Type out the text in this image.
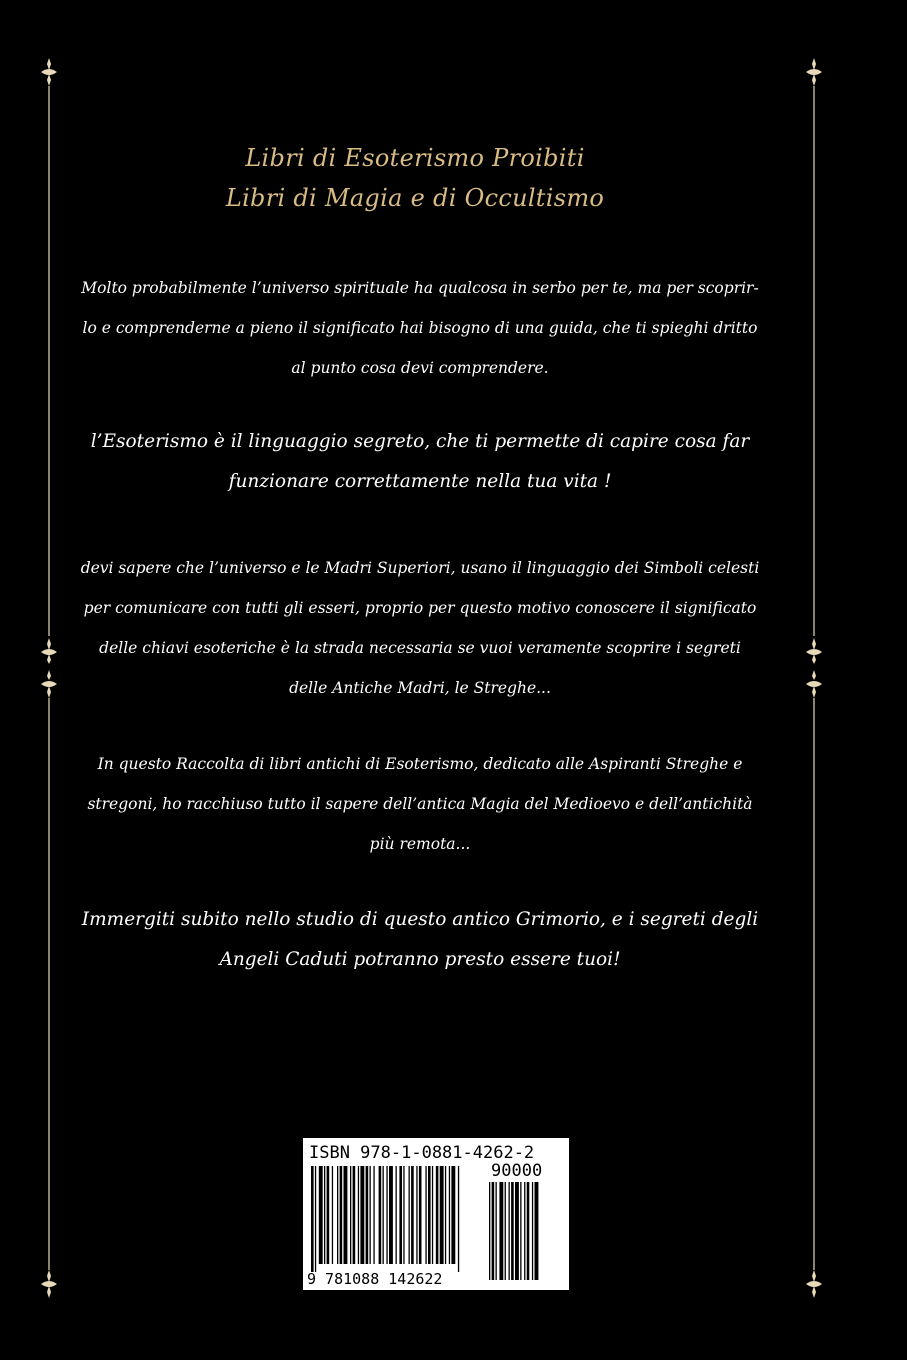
Libri di Esoterismo Proibiti
Libri di Magia e di Occultismo
Molto probabilmente l’universo spirituale ha qualcosa in serbo per te, ma per scoprir-lo e comprenderne a pieno il significato hai bisogno di una guida, che ti spieghi dritto al punto cosa devi comprendere.
l’Esoterismo è il linguaggio segreto, che ti permette di capire cosa far funzionare correttamente nella tua vita !
devi sapere che l’universo e le Madri Superiori, usano il linguaggio dei Simboli celesti per comunicare con tutti gli esseri, proprio per questo motivo conoscere il significato delle chiavi esoteriche è la strada necessaria se vuoi veramente scoprire i segreti delle Antiche Madri, le Streghe...
In questo Raccolta di libri antichi di Esoterismo, dedicato alle Aspiranti Streghe e stregoni, ho racchiuso tutto il sapere dell’antica Magia del Medioevo e dell’antichità più remota...
Immergiti subito nello studio di questo antico Grimorio, e i segreti degli Angeli Caduti potranno presto essere tuoi!
ISBN 978-1-0881-4262-2
90000
9 781088 142622
